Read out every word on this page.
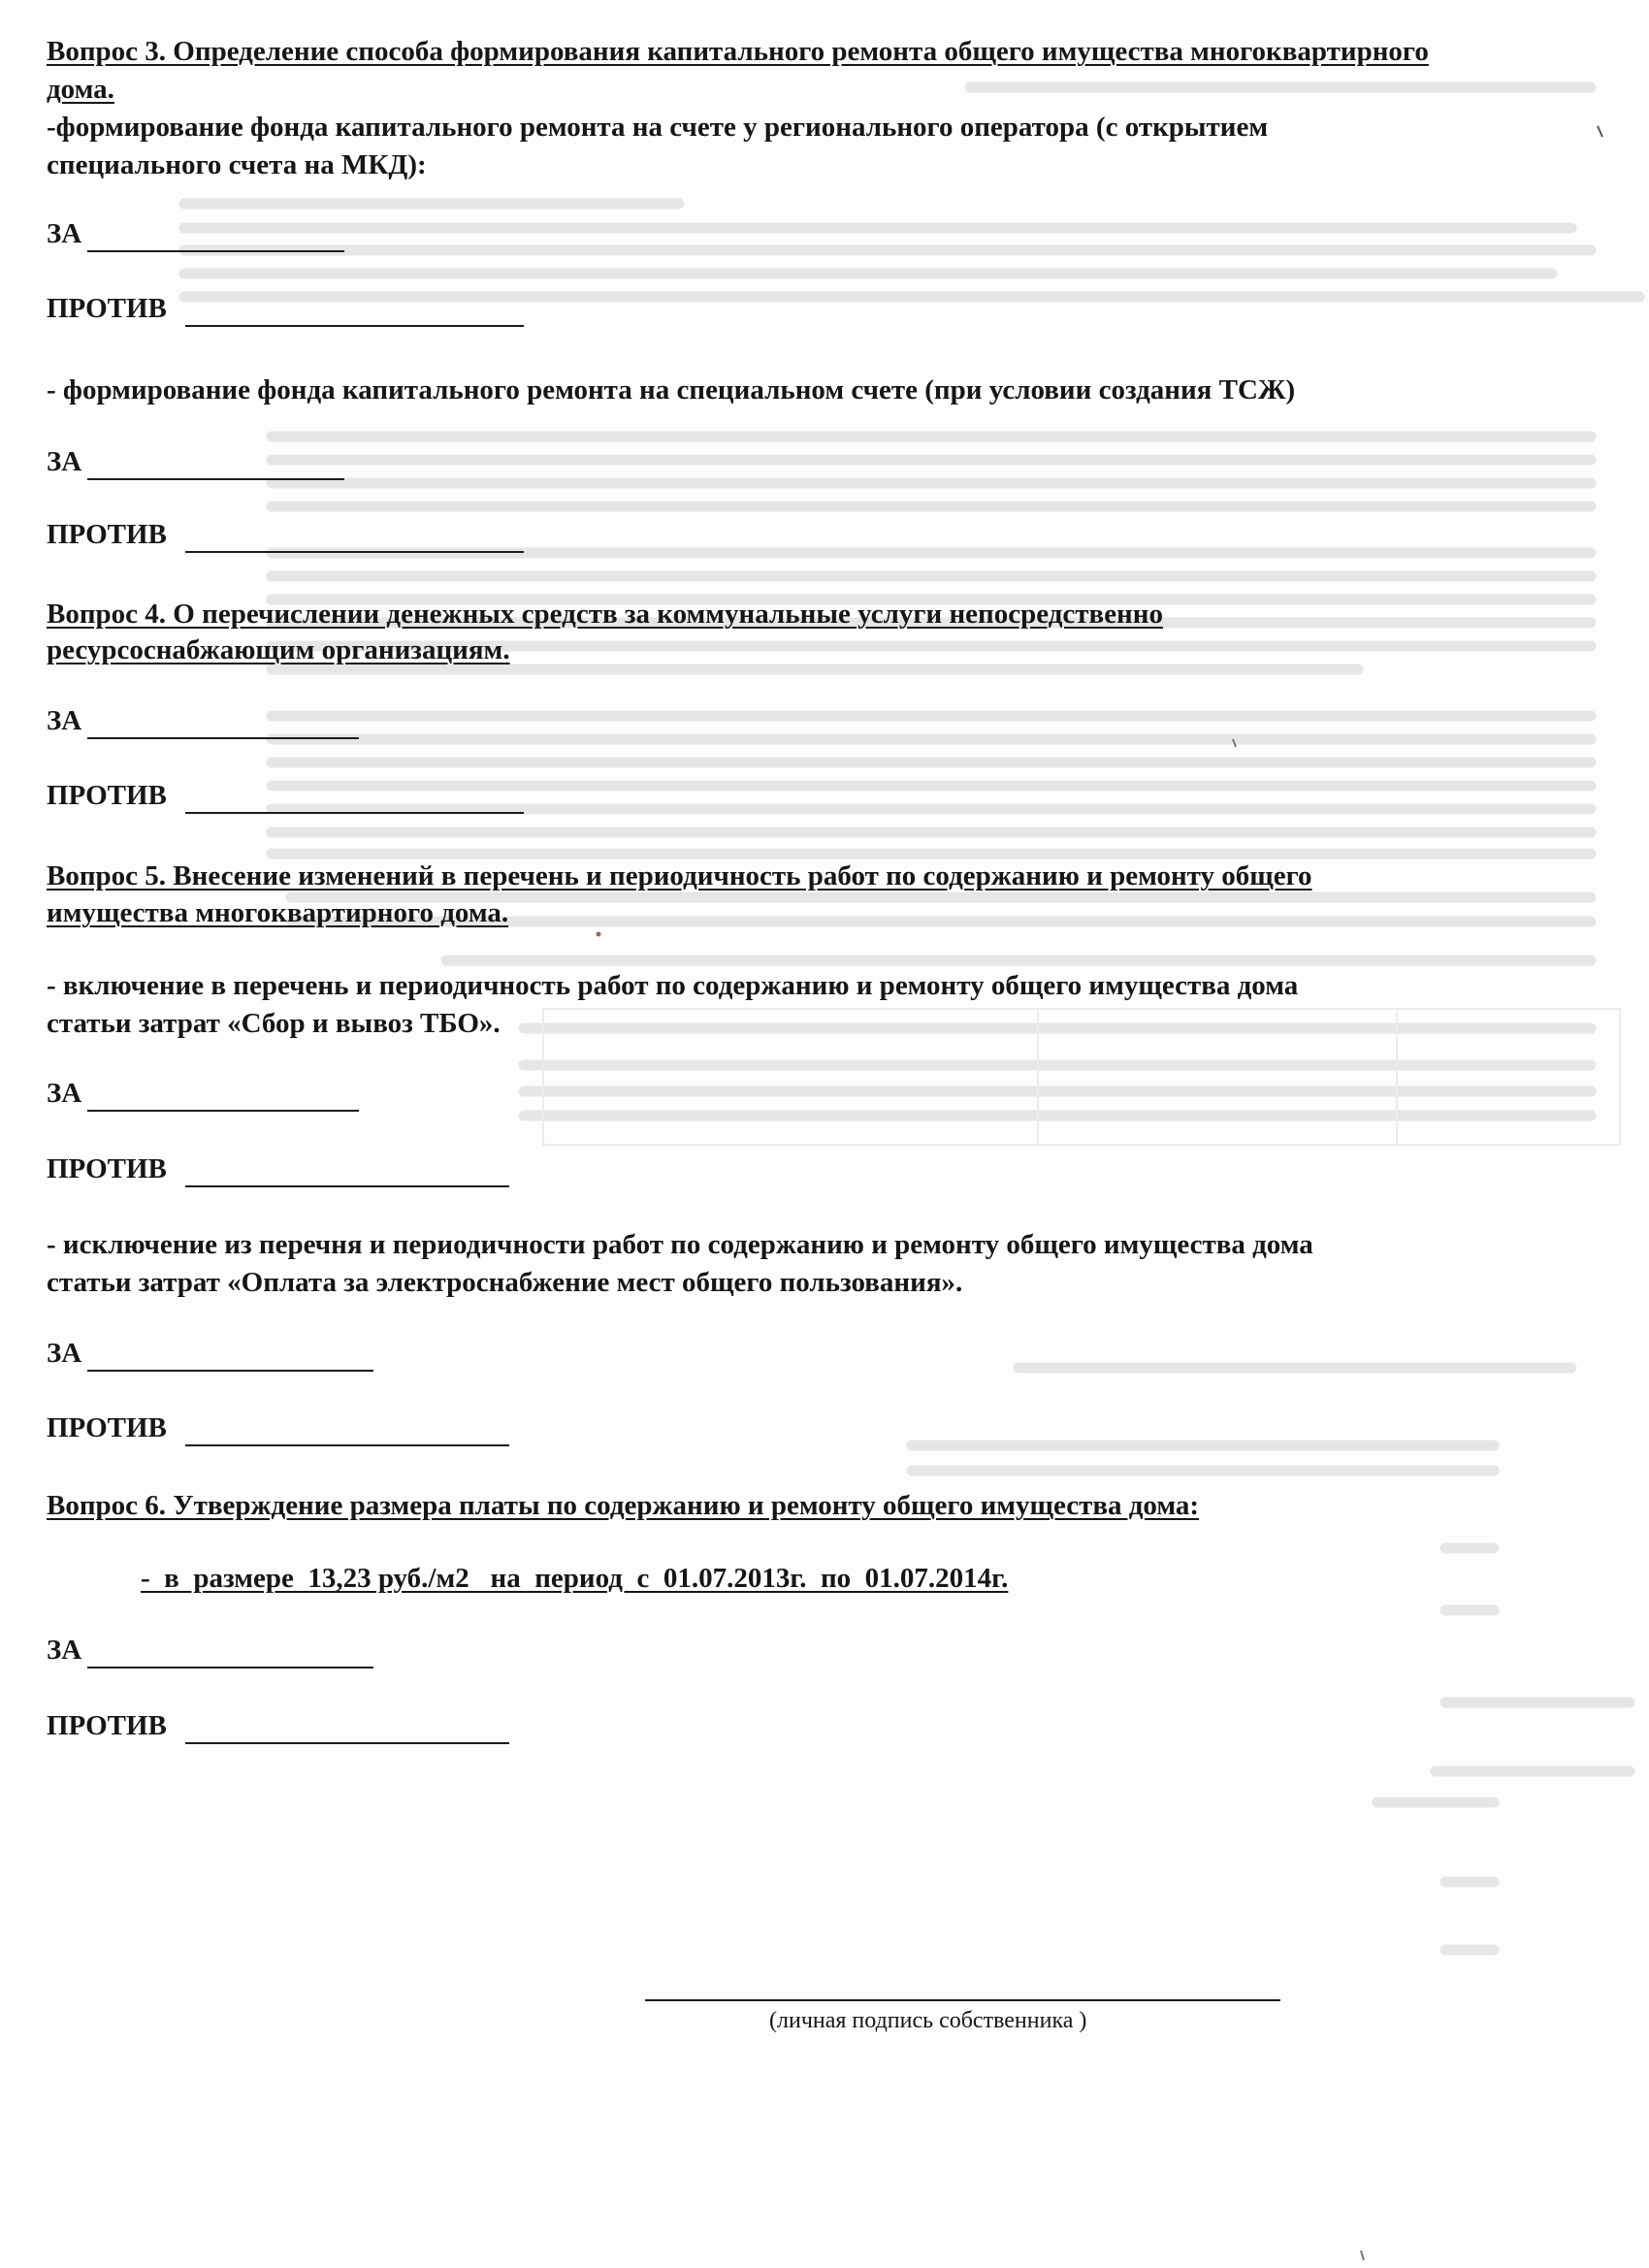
Вопрос 3. Определение способа формирования капитального ремонта общего имущества многоквартирного

дома.

-формирование фонда капитального ремонта на счете у регионального оператора (с открытием

специального счета на МКД):

ЗА
ПРОТИВ

- формирование фонда капитального ремонта на специальном счете (при условии создания ТСЖ)

ЗА
ПРОТИВ

Вопрос 4. О перечислении денежных средств за коммунальные услуги непосредственно

ресурсоснабжающим организациям.

ЗА
ПРОТИВ

Вопрос 5. Внесение изменений в перечень и периодичность работ по содержанию и ремонту общего

имущества многоквартирного дома.

- включение в перечень и периодичность работ по содержанию и ремонту общего имущества дома

статьи затрат «Сбор и вывоз ТБО».

ЗА
ПРОТИВ

- исключение из перечня и периодичности работ по содержанию и ремонту общего имущества дома

статьи затрат «Оплата за электроснабжение мест общего пользования».

ЗА
ПРОТИВ

Вопрос 6. Утверждение размера платы по содержанию и ремонту общего имущества дома:

-  в  размере  13,23 руб./м2   на  период  с  01.07.2013г.  по  01.07.2014г.

ЗА
ПРОТИВ
(личная подпись собственника )
